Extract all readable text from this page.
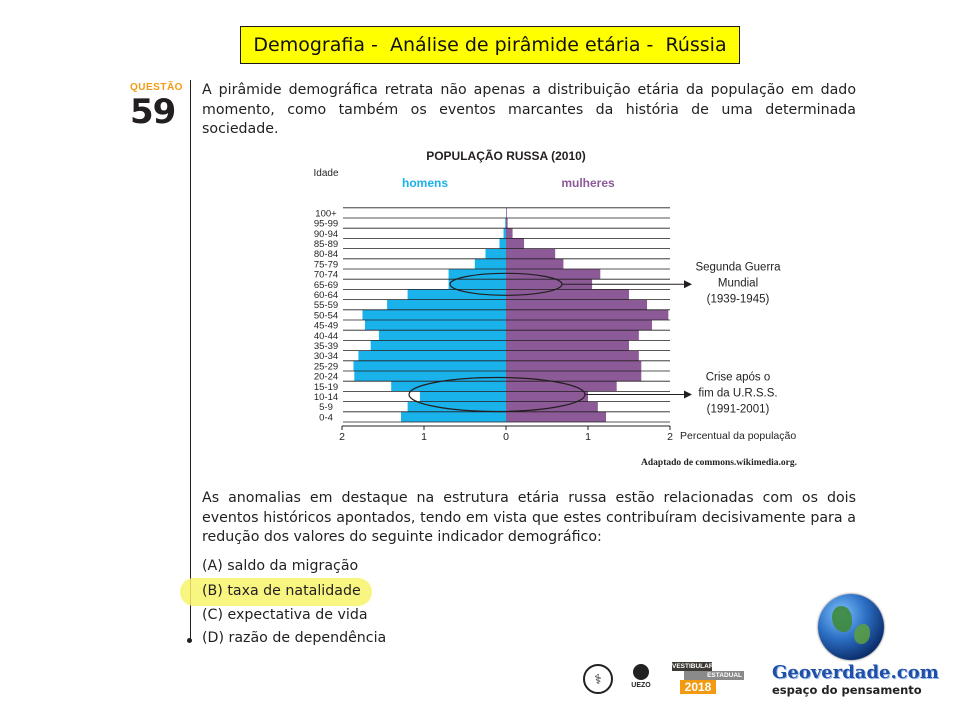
Demografia -  Análise de pirâmide etária -  Rússia
QUESTÃO
59
A pirâmide demográfica retrata não apenas a distribuição etária da população em dado momento, como também os eventos marcantes da história de uma determinada sociedade.
POPULAÇÃO RUSSA (2010)
Idade
homens	mulheres
0-4
5-9
10-14
15-19
20-24
25-29
30-34
35-39
40-44
45-49
50-54
55-59
60-64
65-69
70-74
75-79
80-84
85-89
90-94
95-99
100+
2	1	0	1	2 Percentual da população
Adaptado de commons.wikimedia.org.
Segunda Guerra
Mundial
(1939-1945)
Crise após o
fim da U.R.S.S.
(1991-2001)
As anomalias em destaque na estrutura etária russa estão relacionadas com os dois eventos históricos apontados, tendo em vista que estes contribuíram decisivamente para a redução dos valores do seguinte indicador demográfico:
(A) saldo da migração
(B) taxa de natalidade
(C) expectativa de vida
(D) razão de dependência
⚕	UEZO
VESTIBULAR
ESTADUAL
2018
Geoverdade.com
espaço do pensamento
